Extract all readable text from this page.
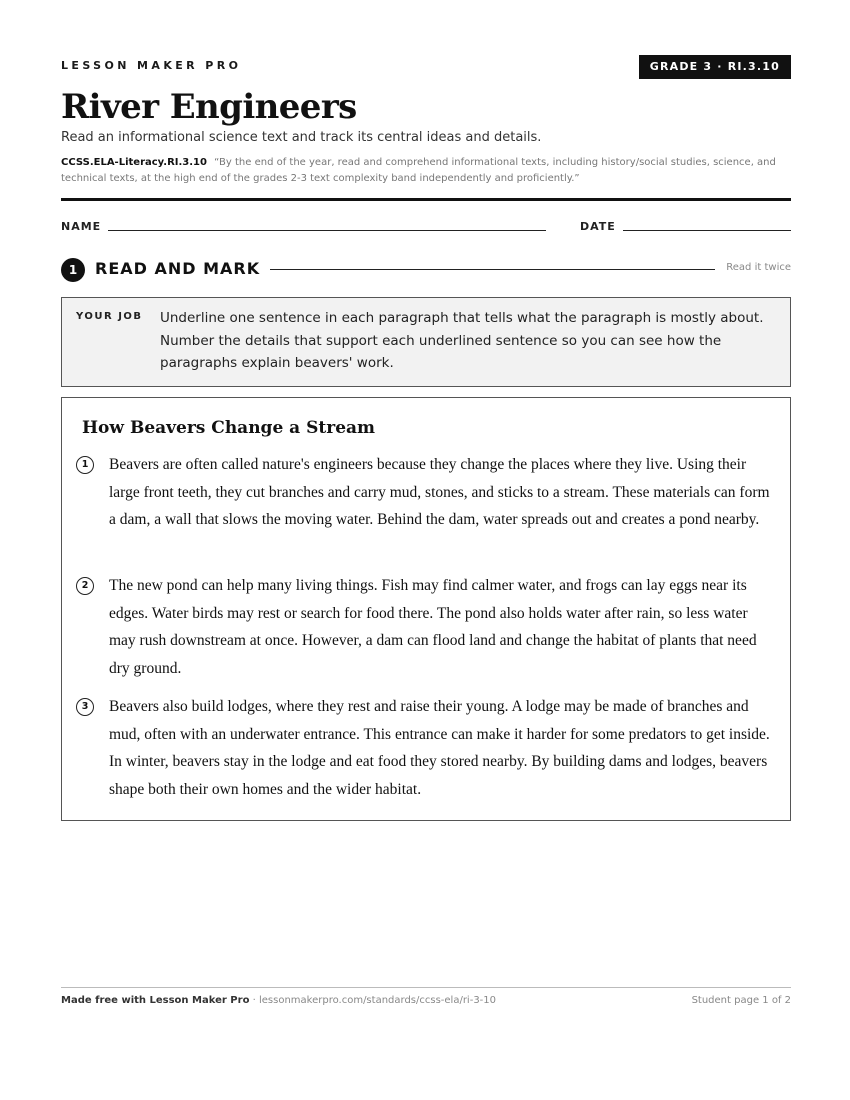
LESSON MAKER PRO	GRADE 3 · RI.3.10
River Engineers
Read an informational science text and track its central ideas and details.
CCSS.ELA-Literacy.RI.3.10 “By the end of the year, read and comprehend informational texts, including history/social studies, science, and technical texts, at the high end of the grades 2-3 text complexity band independently and proficiently.”
NAME	DATE
1	READ AND MARK	Read it twice
YOUR JOB Underline one sentence in each paragraph that tells what the paragraph is mostly about. Number the details that support each underlined sentence so you can see how the paragraphs explain beavers' work.
How Beavers Change a Stream
1	Beavers are often called nature's engineers because they change the places where they live. Using their large front teeth, they cut branches and carry mud, stones, and sticks to a stream. These materials can form a dam, a wall that slows the moving water. Behind the dam, water spreads out and creates a pond nearby.
2	The new pond can help many living things. Fish may find calmer water, and frogs can lay eggs near its edges. Water birds may rest or search for food there. The pond also holds water after rain, so less water may rush downstream at once. However, a dam can flood land and change the habitat of plants that need dry ground.
3	Beavers also build lodges, where they rest and raise their young. A lodge may be made of branches and mud, often with an underwater entrance. This entrance can make it harder for some predators to get inside. In winter, beavers stay in the lodge and eat food they stored nearby. By building dams and lodges, beavers shape both their own homes and the wider habitat.
Made free with Lesson Maker Pro · lessonmakerpro.com/standards/ccss-ela/ri-3-10	Student page 1 of 2
